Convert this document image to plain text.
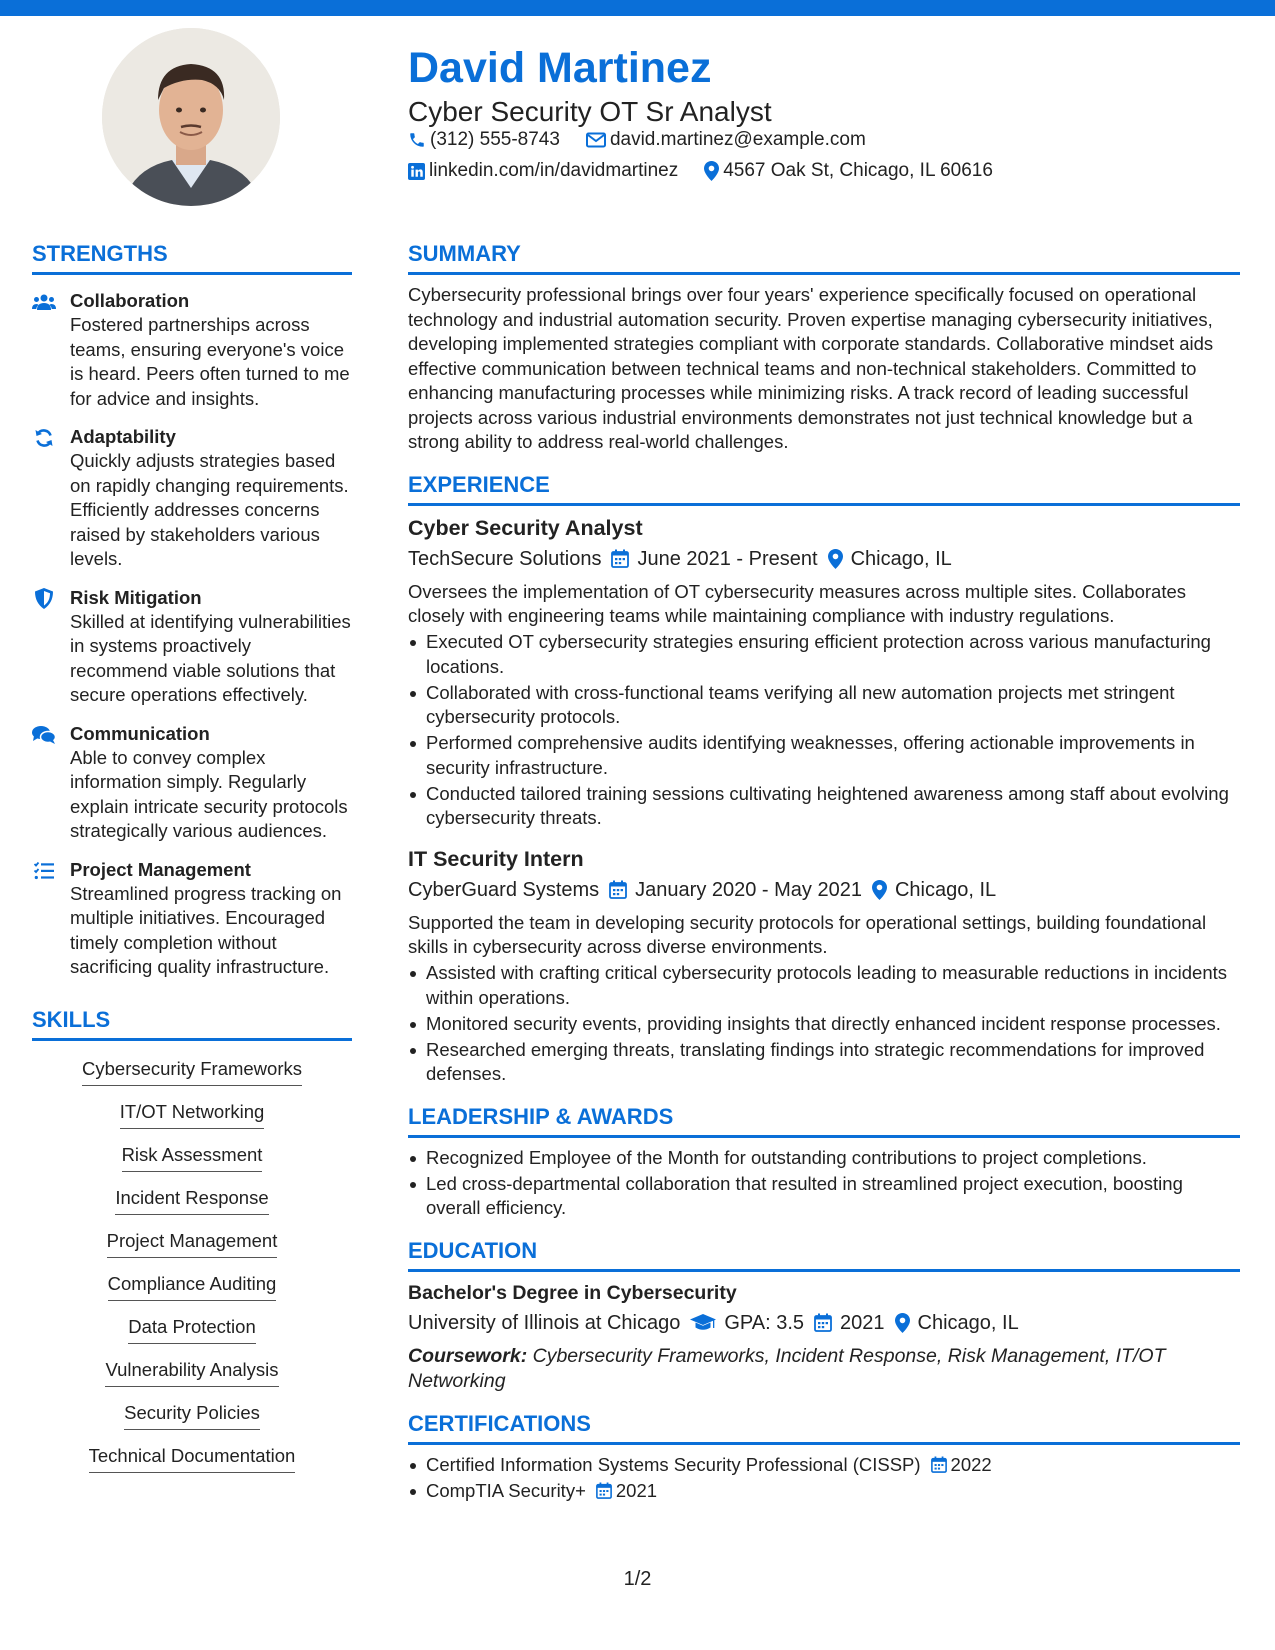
David Martinez
Cyber Security OT Sr Analyst
(312) 555-8743	david.martinez@example.com
linkedin.com/in/davidmartinez 4567 Oak St, Chicago, IL 60616
STRENGTHS
Collaboration
Fostered partnerships across teams, ensuring everyone's voice is heard. Peers often turned to me for advice and insights.
Adaptability
Quickly adjusts strategies based on rapidly changing requirements. Efficiently addresses concerns raised by stakeholders various levels.
Risk Mitigation
Skilled at identifying vulnerabilities in systems proactively recommend viable solutions that secure operations effectively.
Communication
Able to convey complex information simply. Regularly explain intricate security protocols strategically various audiences.
Project Management
Streamlined progress tracking on multiple initiatives. Encouraged timely completion without sacrificing quality infrastructure.
SKILLS
Cybersecurity Frameworks
IT/OT Networking
Risk Assessment
Incident Response
Project Management
Compliance Auditing
Data Protection
Vulnerability Analysis
Security Policies
Technical Documentation
SUMMARY
Cybersecurity professional brings over four years' experience specifically focused on operational technology and industrial automation security. Proven expertise managing cybersecurity initiatives, developing implemented strategies compliant with corporate standards. Collaborative mindset aids effective communication between technical teams and non-technical stakeholders. Committed to enhancing manufacturing processes while minimizing risks. A track record of leading successful projects across various industrial environments demonstrates not just technical knowledge but a strong ability to address real-world challenges.
EXPERIENCE
Cyber Security Analyst
TechSecure Solutions June 2021 - Present Chicago, IL
Oversees the implementation of OT cybersecurity measures across multiple sites. Collaborates closely with engineering teams while maintaining compliance with industry regulations.
Executed OT cybersecurity strategies ensuring efficient protection across various manufacturing locations.
Collaborated with cross-functional teams verifying all new automation projects met stringent cybersecurity protocols.
Performed comprehensive audits identifying weaknesses, offering actionable improvements in security infrastructure.
Conducted tailored training sessions cultivating heightened awareness among staff about evolving cybersecurity threats.
IT Security Intern
CyberGuard Systems January 2020 - May 2021 Chicago, IL
Supported the team in developing security protocols for operational settings, building foundational skills in cybersecurity across diverse environments.
Assisted with crafting critical cybersecurity protocols leading to measurable reductions in incidents within operations.
Monitored security events, providing insights that directly enhanced incident response processes.
Researched emerging threats, translating findings into strategic recommendations for improved defenses.
LEADERSHIP & AWARDS
Recognized Employee of the Month for outstanding contributions to project completions.
Led cross-departmental collaboration that resulted in streamlined project execution, boosting overall efficiency.
EDUCATION
Bachelor's Degree in Cybersecurity
University of Illinois at Chicago GPA: 3.5 2021 Chicago, IL
Coursework: Cybersecurity Frameworks, Incident Response, Risk Management, IT/OT Networking
CERTIFICATIONS
Certified Information Systems Security Professional (CISSP) 2022
CompTIA Security+ 2021
1/2
